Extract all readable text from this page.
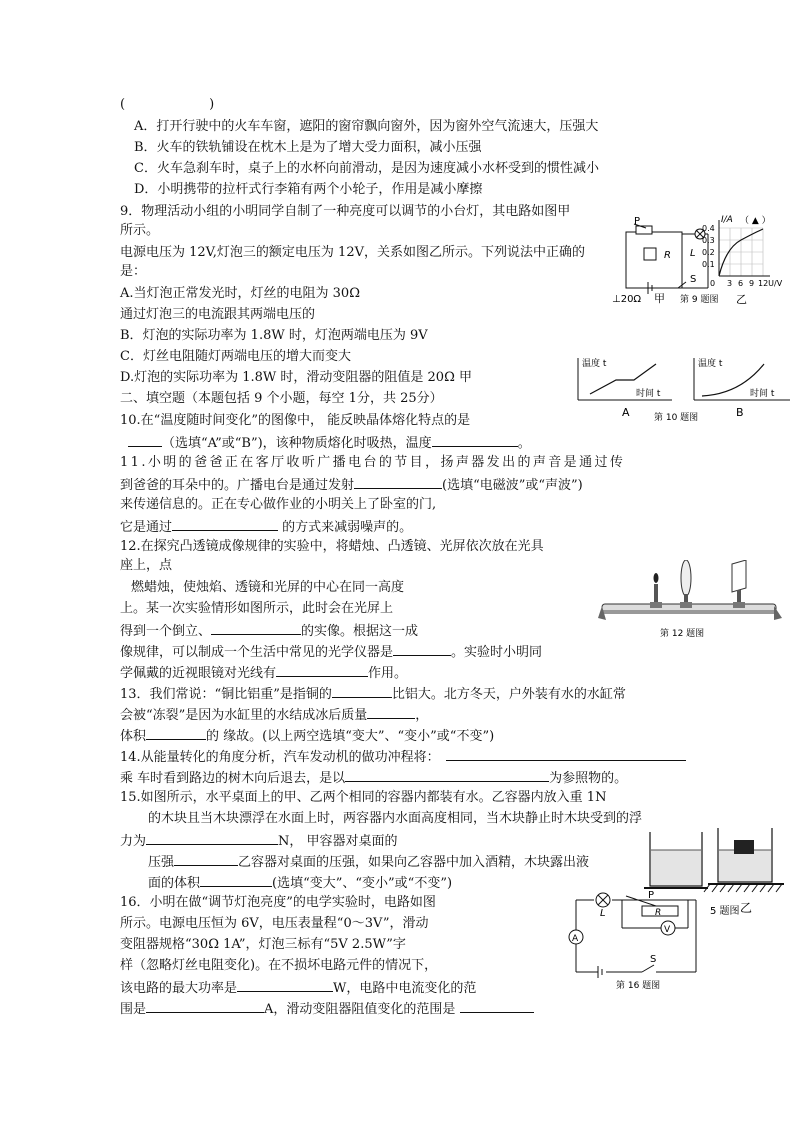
(	)
A．打开行驶中的火车车窗，遮阳的窗帘飘向窗外，因为窗外空气流速大，压强大
B．火车的铁轨铺设在枕木上是为了增大受力面积，减小压强
C．火车急刹车时，桌子上的水杯向前滑动，是因为速度减小水杯受到的惯性减小
D．小明携带的拉杆式行李箱有两个小轮子，作用是减小摩擦
9．物理活动小组的小明同学自制了一种亮度可以调节的小台灯，其电路如图甲
所示。
电源电压为 12V,灯泡三的额定电压为 12V，关系如图乙所示。下列说法中正确的
是：
A.当灯泡正常发光时，灯丝的电阻为 30Ω
通过灯泡三的电流跟其两端电压的
B．灯泡的实际功率为 1.8W 时，灯泡两端电压为 9V
C．灯丝电阻随灯两端电压的增大而变大
D.灯泡的实际功率为 1.8W 时，滑动变阻器的阻值是 20Ω 甲
P
R L
S
⊥20Ω 甲 第 9 题图 乙
I/A （ ▲ ）
0.4
0.3
0.2
0.1
0 3 6 9 12U/V
二、填空题（本题包括 9 个小题，每空 1分，共 25分）
温度 t
时间 t
A	第 10 题图
温度 t
时间 t
B
10.在“温度随时间变化”的图像中， 能反映晶体熔化特点的是
（选填“A”或“B”)，该种物质熔化时吸热，温度	。
11.小明的爸爸正在客厅收听广播电台的节目，扬声器发出的声音是通过传
到爸爸的耳朵中的。广播电台是通过发射	(选填“电磁波”或“声波”)
来传递信息的。正在专心做作业的小明关上了卧室的门,
它是通过	的方式来减弱噪声的。
12.在探究凸透镜成像规律的实验中，将蜡烛、凸透镜、光屏依次放在光具
座上，点
燃蜡烛，使烛焰、透镜和光屏的中心在同一高度
上。某一次实验情形如图所示，此时会在光屏上
得到一个倒立、	的实像。根据这一成
像规律，可以制成一个生活中常见的光学仪器是	。实验时小明同
学佩戴的近视眼镜对光线有	作用。
第 12 题图
13．我们常说：“铜比铝重”是指铜的	比铝大。北方冬天，户外装有水的水缸常
会被“冻裂”是因为水缸里的水结成冰后质量	，
体积	的 缘故。(以上两空选填“变大”、“变小”或“不变”)
14.从能量转化的角度分析，汽车发动机的做功冲程将：
乘 车时看到路边的树木向后退去，是以	为参照物的。
15.如图所示，水平桌面上的甲、乙两个相同的容器内都装有水。乙容器内放入重 1N
的木块且当木块漂浮在水面上时，两容器内水面高度相同，当木块静止时木块受到的浮
力为	N， 甲容器对桌面的
压强	乙容器对桌面的压强，如果向乙容器中加入酒精，木块露出液
面的体积	(选填“变大”、“变小”或“不变”)
5 题图 乙
16．小明在做“调节灯泡亮度”的电学实验时，电路如图
所示。电源电压恒为 6V，电压表量程“0～3V”，滑动
变阻器规格“30Ω 1A”，灯泡三标有“5V 2.5W”字
样（忽略灯丝电阻变化)。在不损坏电路元件的情况下，
该电路的最大功率是	W，电路中电流变化的范
围是	A，滑动变阻器阻值变化的范围是
L
P
R
V
A
S
第 16 题图
